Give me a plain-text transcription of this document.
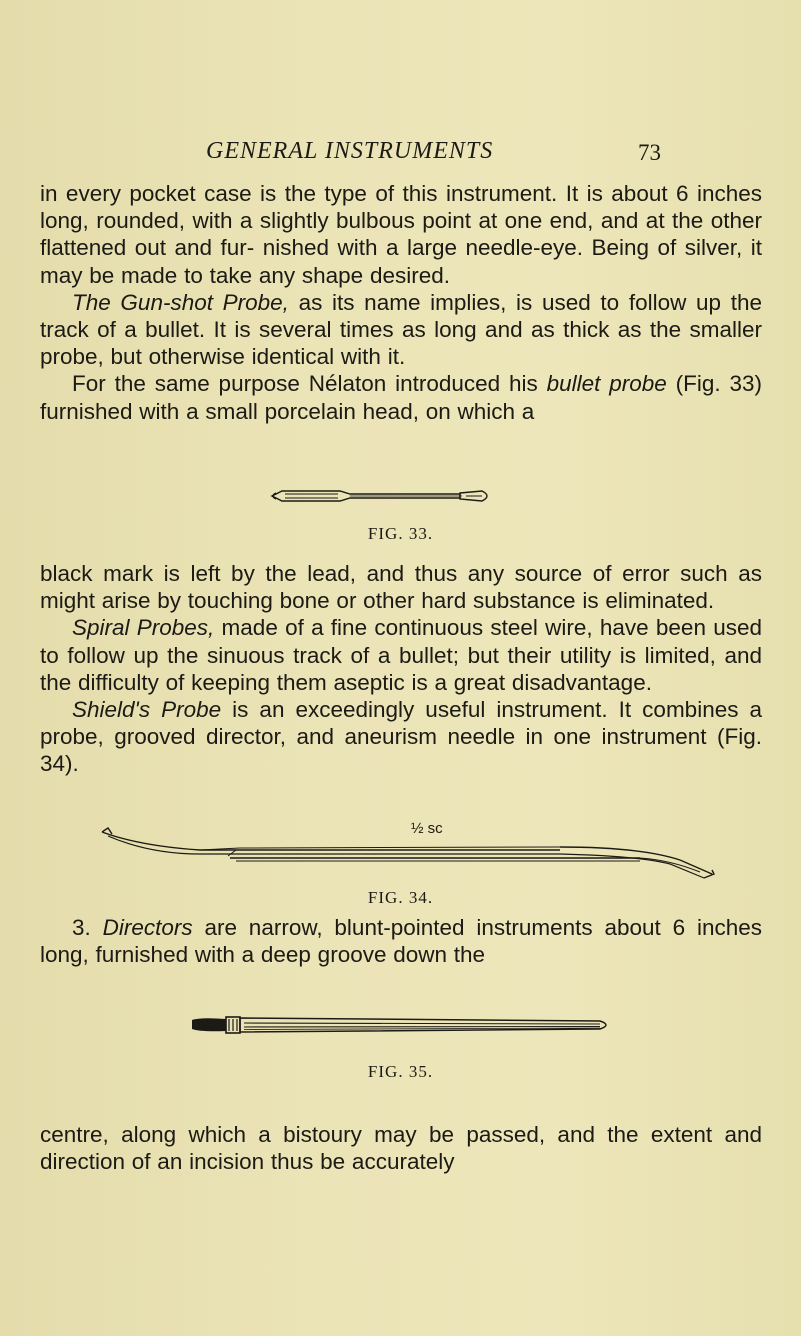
GENERAL INSTRUMENTS	73

in every pocket case is the type of this instrument. It is about 6 inches long, rounded, with a slightly bulbous point at one end, and at the other flattened out and fur- nished with a large needle-eye. Being of silver, it may be made to take any shape desired.

The Gun-shot Probe, as its name implies, is used to follow up the track of a bullet. It is several times as long and as thick as the smaller probe, but otherwise identical with it.

For the same purpose Nélaton introduced his bullet probe (Fig. 33) furnished with a small porcelain head, on which a

FIG. 33.

black mark is left by the lead, and thus any source of error such as might arise by touching bone or other hard substance is eliminated.

Spiral Probes, made of a fine continuous steel wire, have been used to follow up the sinuous track of a bullet; but their utility is limited, and the difficulty of keeping them aseptic is a great disadvantage.

Shield's Probe is an exceedingly useful instrument. It combines a probe, grooved director, and aneurism needle in one instrument (Fig. 34).

½ sc
FIG. 34.

3. Directors are narrow, blunt-pointed instruments about 6 inches long, furnished with a deep groove down the

FIG. 35.

centre, along which a bistoury may be passed, and the extent and direction of an incision thus be accurately
